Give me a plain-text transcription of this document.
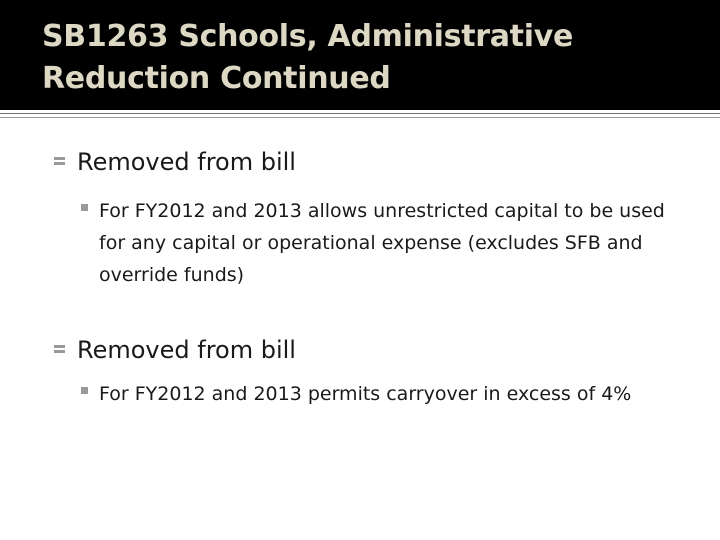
SB1263 Schools, Administrative
Reduction Continued
Removed from bill
For FY2012 and 2013 allows unrestricted capital to be used for any capital or operational expense (excludes SFB and override funds)
Removed from bill
For FY2012 and 2013 permits carryover in excess of 4%
